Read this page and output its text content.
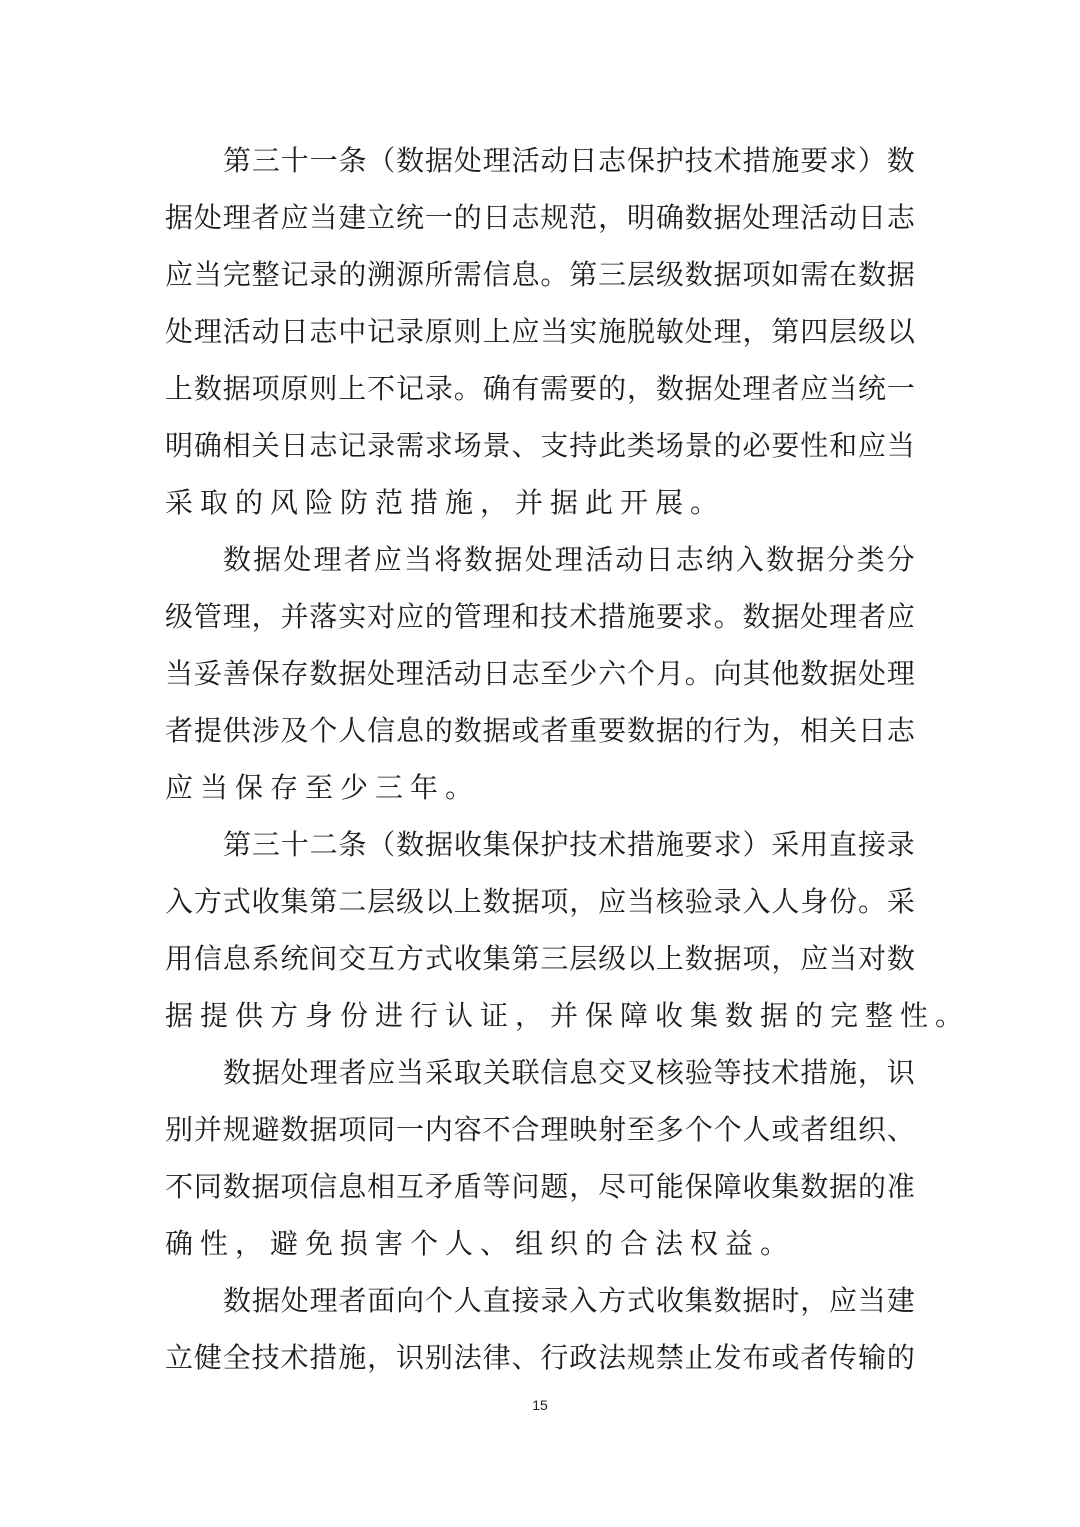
第 三 十 一 条 （ 数 据 处 理 活 动 日 志 保 护 技 术 措 施 要 求 ） 数
据 处 理 者 应 当 建 立 统 一 的 日 志 规 范 ， 明 确 数 据 处 理 活 动 日 志
应 当 完 整 记 录 的 溯 源 所 需 信 息 。 第 三 层 级 数 据 项 如 需 在 数 据
处 理 活 动 日 志 中 记 录 原 则 上 应 当 实 施 脱 敏 处 理 ， 第 四 层 级 以
上 数 据 项 原 则 上 不 记 录 。 确 有 需 要 的 ， 数 据 处 理 者 应 当 统 一
明 确 相 关 日 志 记 录 需 求 场 景 、 支 持 此 类 场 景 的 必 要 性 和 应 当
采取的风险防范措施，并据此开展。
数 据 处 理 者 应 当 将 数 据 处 理 活 动 日 志 纳 入 数 据 分 类 分
级 管 理 ， 并 落 实 对 应 的 管 理 和 技 术 措 施 要 求 。 数 据 处 理 者 应
当 妥 善 保 存 数 据 处 理 活 动 日 志 至 少 六 个 月 。 向 其 他 数 据 处 理
者 提 供 涉 及 个 人 信 息 的 数 据 或 者 重 要 数 据 的 行 为 ， 相 关 日 志
应当保存至少三年。
第 三 十 二 条 （ 数 据 收 集 保 护 技 术 措 施 要 求 ） 采 用 直 接 录
入 方 式 收 集 第 二 层 级 以 上 数 据 项 ， 应 当 核 验 录 入 人 身 份 。 采
用 信 息 系 统 间 交 互 方 式 收 集 第 三 层 级 以 上 数 据 项 ， 应 当 对 数
据提供方身份进行认证，并保障收集数据的完整性。
数 据 处 理 者 应 当 采 取 关 联 信 息 交 叉 核 验 等 技 术 措 施 ， 识
别 并 规 避 数 据 项 同 一 内 容 不 合 理 映 射 至 多 个 个 人 或 者 组 织 、
不 同 数 据 项 信 息 相 互 矛 盾 等 问 题 ， 尽 可 能 保 障 收 集 数 据 的 准
确性，避免损害个人、组织的合法权益。
数 据 处 理 者 面 向 个 人 直 接 录 入 方 式 收 集 数 据 时 ， 应 当 建
立 健 全 技 术 措 施 ， 识 别 法 律 、 行 政 法 规 禁 止 发 布 或 者 传 输 的
15
